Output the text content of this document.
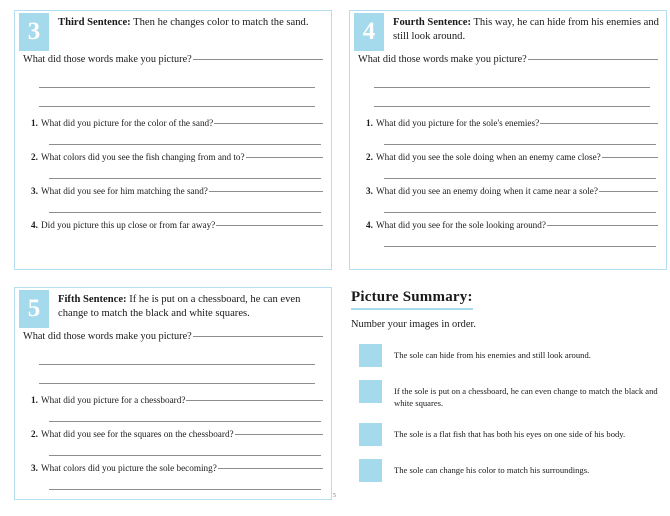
3	Third Sentence: Then he changes color to match the sand.
What did those words make you picture?
1. What did you picture for the color of the sand?
2. What colors did you see the fish changing from and to?
3. What did you see for him matching the sand?
4. Did you picture this up close or from far away?
5	Fifth Sentence: If he is put on a chessboard, he can even change to match the black and white squares.
What did those words make you picture?
1. What did you picture for a chessboard?
2. What did you see for the squares on the chessboard?
3. What colors did you picture the sole becoming?
4	Fourth Sentence: This way, he can hide from his enemies and still look around.
What did those words make you picture?
1. What did you picture for the sole's enemies?
2. What did you see the sole doing when an enemy came close?
3. What did you see an enemy doing when it came near a sole?
4. What did you see for the sole looking around?
Picture Summary:
Number your images in order.
The sole can hide from his enemies and still look around.
If the sole is put on a chessboard, he can even change to match the black and white squares.
The sole is a flat fish that has both his eyes on one side of his body.
The sole can change his color to match his surroundings.
5
